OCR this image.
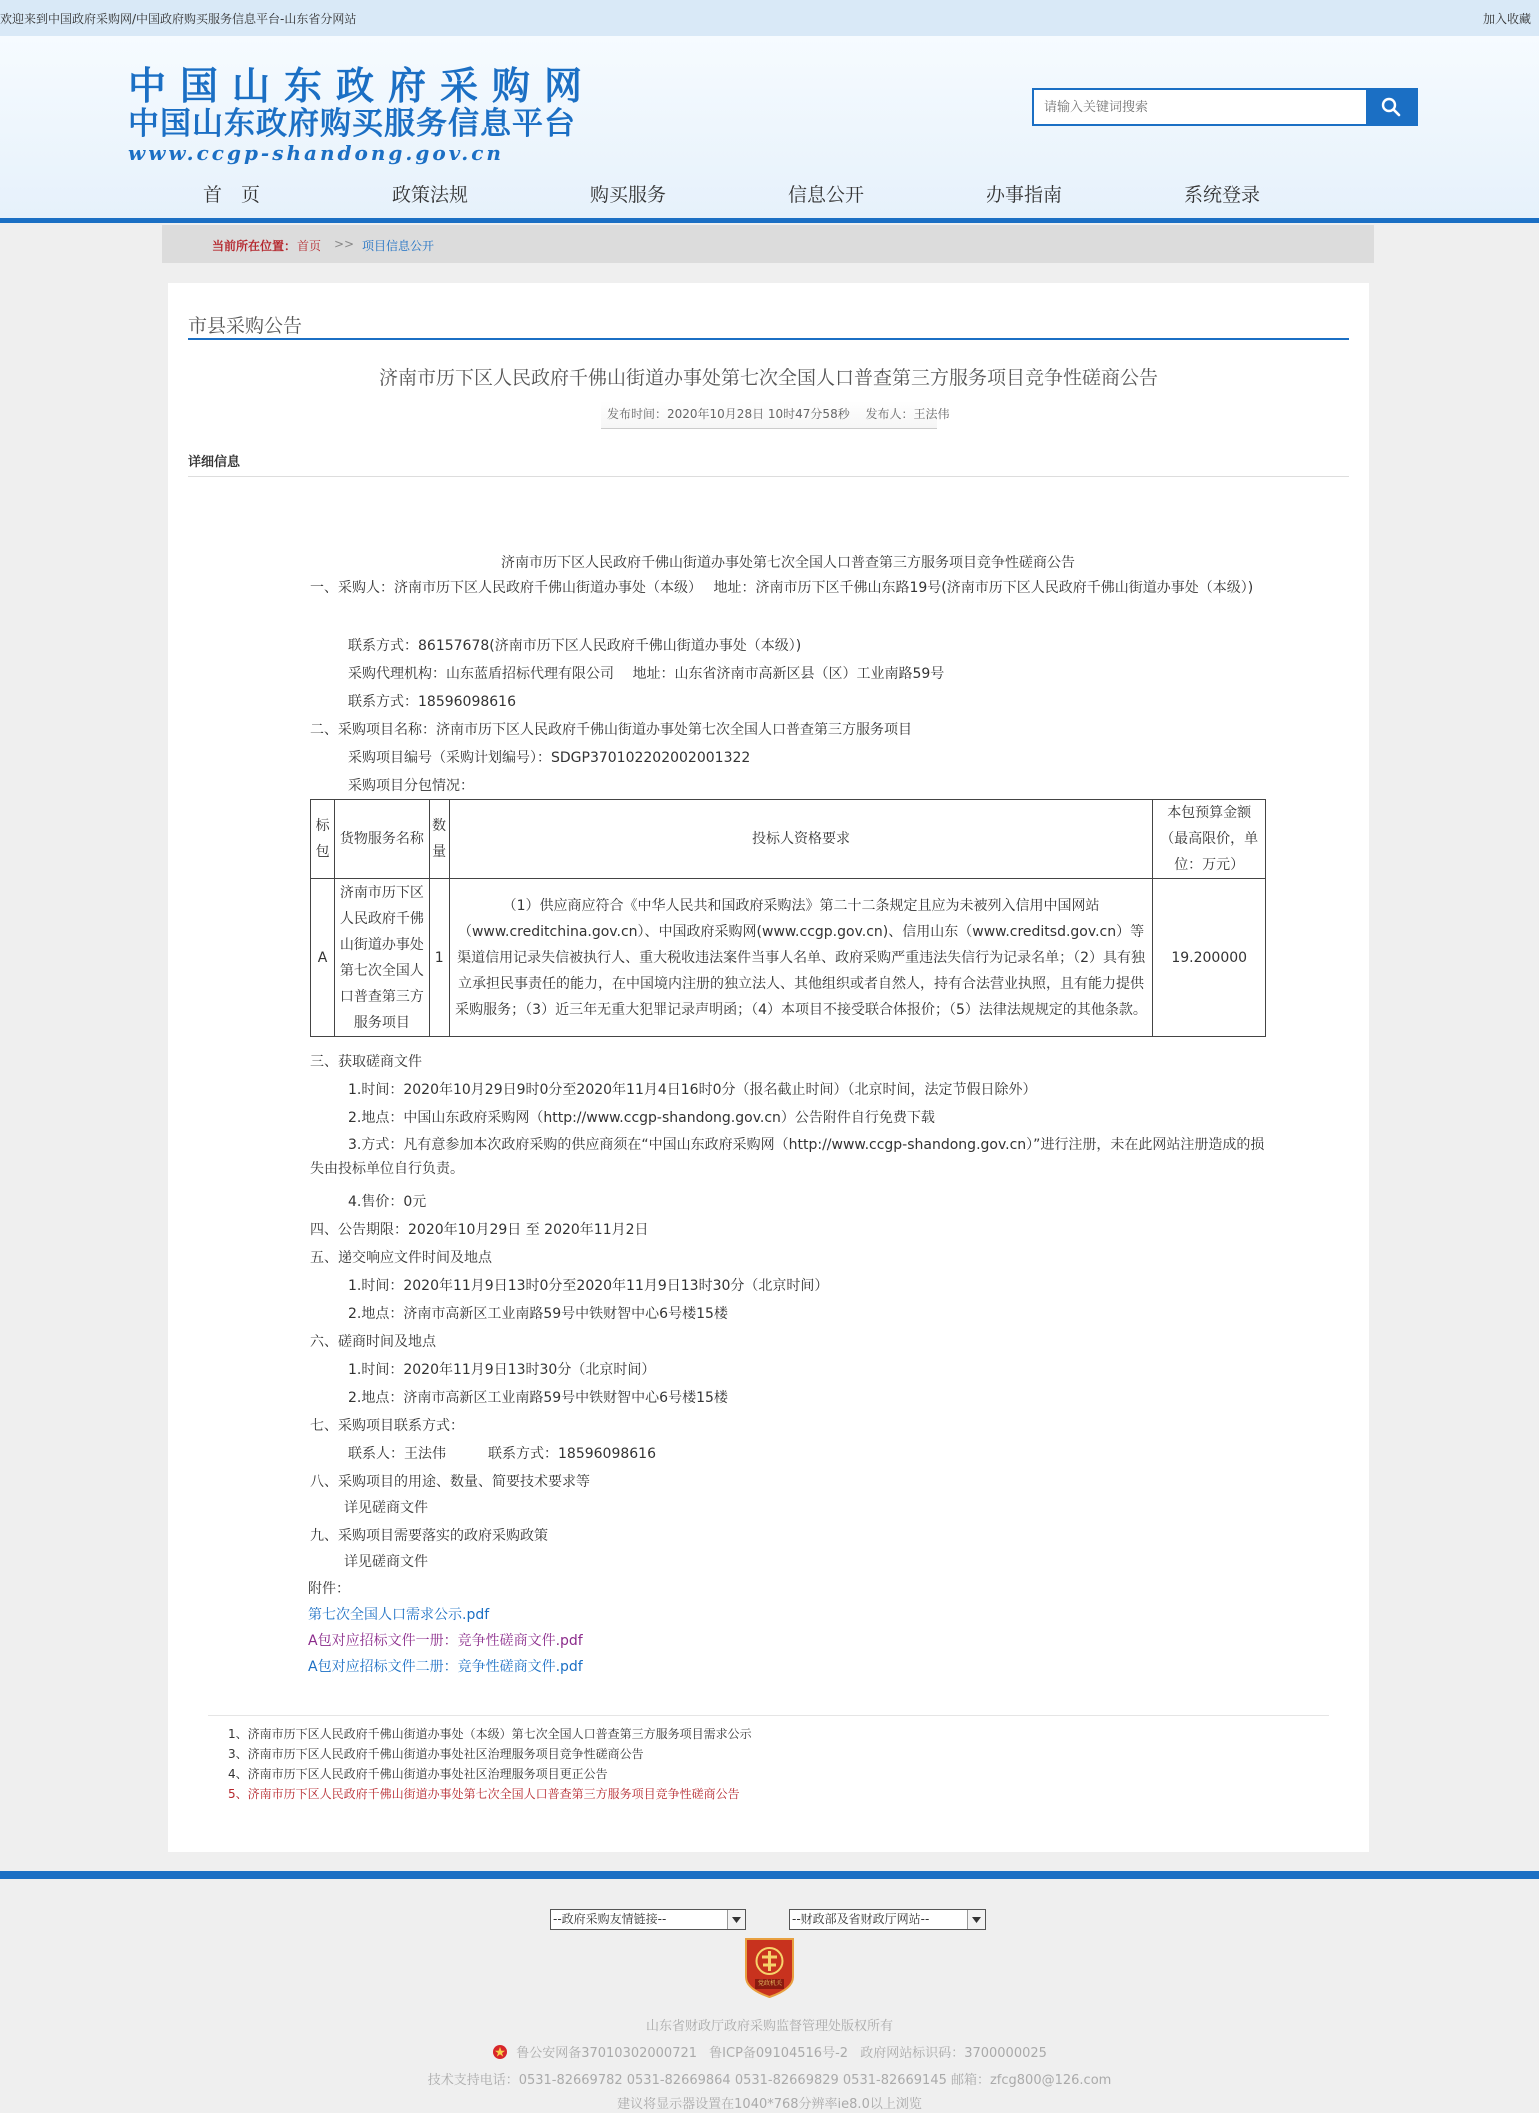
欢迎来到中国政府采购网/中国政府购买服务信息平台-山东省分网站	加入收藏
中国山东政府采购网
中国山东政府购买服务信息平台
www.ccgp-shandong.gov.cn
请输入关键词搜索
首　页	政策法规	购买服务	信息公开	办事指南	系统登录
当前所在位置： 首页 >> 项目信息公开
市县采购公告
济南市历下区人民政府千佛山街道办事处第七次全国人口普查第三方服务项目竞争性磋商公告
发布时间：2020年10月28日 10时47分58秒 发布人：王法伟
详细信息
济南市历下区人民政府千佛山街道办事处第七次全国人口普查第三方服务项目竞争性磋商公告
一、采购人：济南市历下区人民政府千佛山街道办事处（本级）　 地址：济南市历下区千佛山东路19号(济南市历下区人民政府千佛山街道办事处（本级）)
联系方式：86157678(济南市历下区人民政府千佛山街道办事处（本级）)
采购代理机构：山东蓝盾招标代理有限公司　 地址：山东省济南市高新区县（区）工业南路59号
联系方式：18596098616
二、采购项目名称：济南市历下区人民政府千佛山街道办事处第七次全国人口普查第三方服务项目
采购项目编号（采购计划编号）：SDGP370102202002001322
采购项目分包情况：
标包	货物服务名称	数量	投标人资格要求	本包预算金额（最高限价，单位：万元）
A	济南市历下区人民政府千佛山街道办事处第七次全国人口普查第三方服务项目	1	（1）供应商应符合《中华人民共和国政府采购法》第二十二条规定且应为未被列入信用中国网站（www.creditchina.gov.cn）、中国政府采购网(www.ccgp.gov.cn)、信用山东（www.creditsd.gov.cn）等渠道信用记录失信被执行人、重大税收违法案件当事人名单、政府采购严重违法失信行为记录名单；（2）具有独立承担民事责任的能力，在中国境内注册的独立法人、其他组织或者自然人，持有合法营业执照，且有能力提供采购服务；（3）近三年无重大犯罪记录声明函；（4）本项目不接受联合体报价；（5）法律法规规定的其他条款。	19.200000
三、获取磋商文件
1.时间：2020年10月29日9时0分至2020年11月4日16时0分（报名截止时间）（北京时间，法定节假日除外）
2.地点：中国山东政府采购网（http://www.ccgp-shandong.gov.cn）公告附件自行免费下载
3.方式：凡有意参加本次政府采购的供应商须在“中国山东政府采购网（http://www.ccgp-shandong.gov.cn）”进行注册，未在此网站注册造成的损失由投标单位自行负责。
4.售价：0元
四、公告期限：2020年10月29日 至 2020年11月2日
五、递交响应文件时间及地点
1.时间：2020年11月9日13时0分至2020年11月9日13时30分（北京时间）
2.地点：济南市高新区工业南路59号中铁财智中心6号楼15楼
六、磋商时间及地点
1.时间：2020年11月9日13时30分（北京时间）
2.地点：济南市高新区工业南路59号中铁财智中心6号楼15楼
七、采购项目联系方式：
联系人：王法伟　　　联系方式：18596098616
八、采购项目的用途、数量、简要技术要求等
详见磋商文件
九、采购项目需要落实的政府采购政策
详见磋商文件
附件：
第七次全国人口需求公示.pdf
A包对应招标文件一册：竞争性磋商文件.pdf
A包对应招标文件二册：竞争性磋商文件.pdf
1、济南市历下区人民政府千佛山街道办事处（本级）第七次全国人口普查第三方服务项目需求公示
3、济南市历下区人民政府千佛山街道办事处社区治理服务项目竞争性磋商公告
4、济南市历下区人民政府千佛山街道办事处社区治理服务项目更正公告
5、济南市历下区人民政府千佛山街道办事处第七次全国人口普查第三方服务项目竞争性磋商公告
--政府采购友情链接--	--财政部及省财政厅网站--
党政机关
山东省财政厅政府采购监督管理处版权所有
鲁公安网备37010302000721 鲁ICP备09104516号-2 政府网站标识码：3700000025
技术支持电话：0531-82669782 0531-82669864 0531-82669829 0531-82669145 邮箱：zfcg800@126.com
建议将显示器设置在1040*768分辨率ie8.0以上浏览
